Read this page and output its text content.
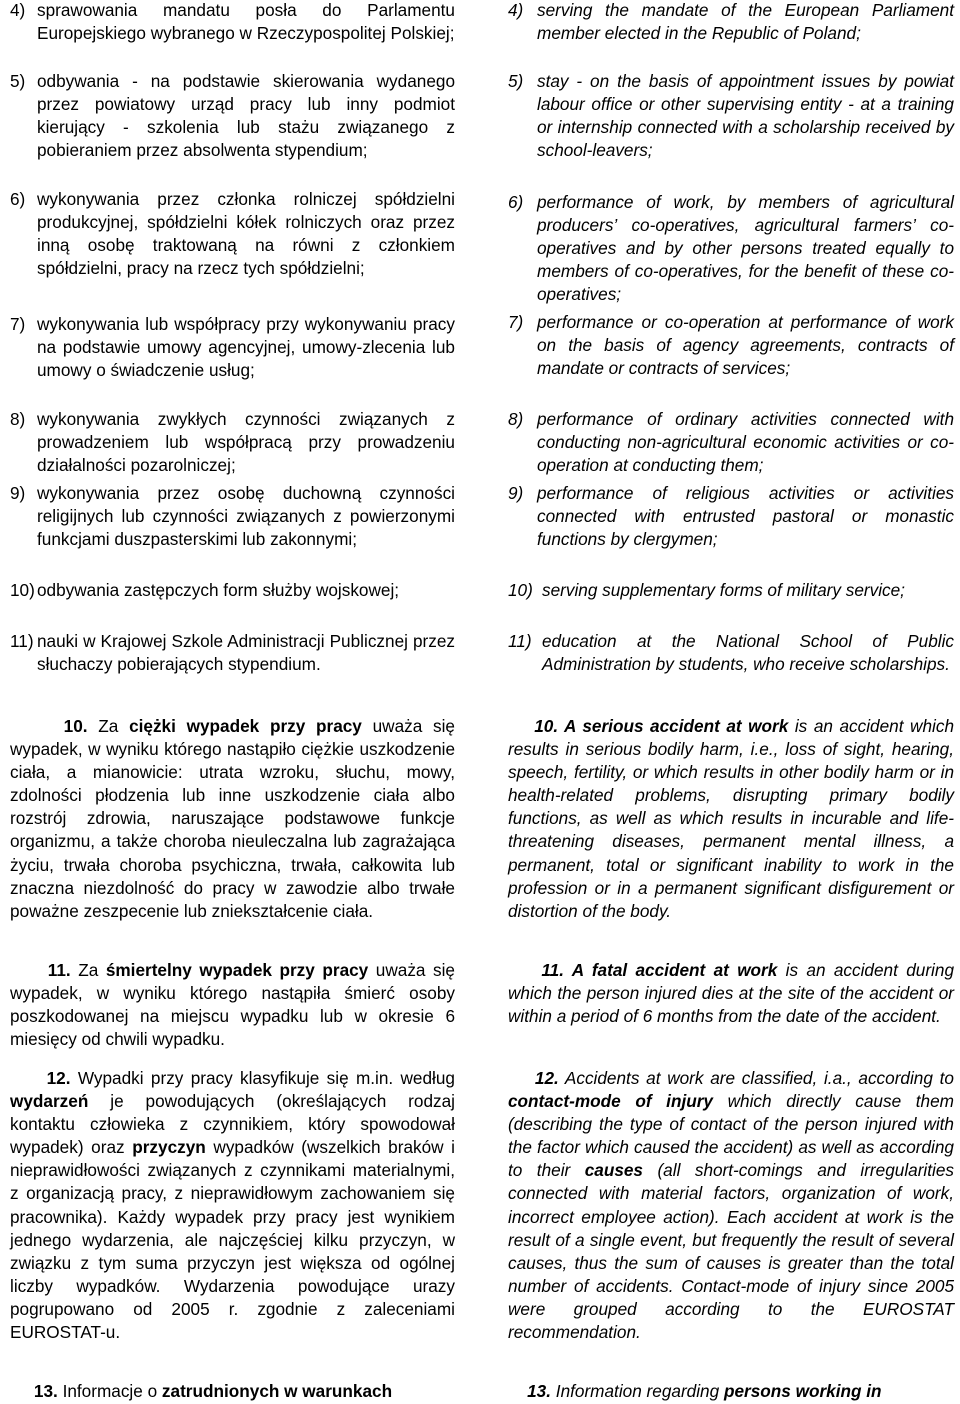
4) sprawowania mandatu posła do Parlamentu Europejskiego wybranego w Rzeczypospolitej Polskiej;

5) odbywania - na podstawie skierowania wydanego przez powiatowy urząd pracy lub inny podmiot kierujący - szkolenia lub stażu związanego z pobieraniem przez absolwenta stypendium;

6) wykonywania przez członka rolniczej spółdzielni produkcyjnej, spółdzielni kółek rolniczych oraz przez inną osobę traktowaną na równi z członkiem spółdzielni, pracy na rzecz tych spółdzielni;

7) wykonywania lub współpracy przy wykonywaniu pracy na podstawie umowy agencyjnej, umowy-zlecenia lub umowy o świadczenie usług;

8) wykonywania zwykłych czynności związanych z prowadzeniem lub współpracą przy prowadzeniu działalności pozarolniczej;

9) wykonywania przez osobę duchowną czynności religijnych lub czynności związanych z powierzonymi funkcjami duszpasterskimi lub zakonnymi;

10) odbywania zastępczych form służby wojskowej;

11) nauki w Krajowej Szkole Administracji Publicznej przez słuchaczy pobierających stypendium.

10. Za ciężki wypadek przy pracy uważa się wypadek, w wyniku którego nastąpiło ciężkie uszkodzenie ciała, a mianowicie: utrata wzroku, słuchu, mowy, zdolności płodzenia lub inne uszkodzenie ciała albo rozstrój zdrowia, naruszające podstawowe funkcje organizmu, a także choroba nieuleczalna lub zagrażająca życiu, trwała choroba psychiczna, trwała, całkowita lub znaczna niezdolność do pracy w zawodzie albo trwałe poważne zeszpecenie lub zniekształcenie ciała.

11. Za śmiertelny wypadek przy pracy uważa się wypadek, w wyniku którego nastąpiła śmierć osoby poszkodowanej na miejscu wypadku lub w okresie 6 miesięcy od chwili wypadku.

12. Wypadki przy pracy klasyfikuje się m.in. według wydarzeń je powodujących (określających rodzaj kontaktu człowieka z czynnikiem, który spowodował wypadek) oraz przyczyn wypadków (wszelkich braków i nieprawidłowości związanych z czynnikami materialnymi, z organizacją pracy, z nieprawidłowym zachowaniem się pracownika). Każdy wypadek przy pracy jest wynikiem jednego wydarzenia, ale najczęściej kilku przyczyn, w związku z tym suma przyczyn jest większa od ogólnej liczby wypadków. Wydarzenia powodujące urazy pogrupowano od 2005 r. zgodnie z zaleceniami EUROSTAT-u.

13. Informacje o zatrudnionych w warunkach

4) serving the mandate of the European Parliament member elected in the Republic of Poland;

5) stay - on the basis of appointment issues by powiat labour office or other supervising entity - at a training or internship connected with a scholarship received by school-leavers;

6) performance of work, by members of agricultural producers’ co-operatives, agricultural farmers’ co-operatives and by other persons treated equally to members of co-operatives, for the benefit of these co-operatives;

7) performance or co-operation at performance of work on the basis of agency agreements, contracts of mandate or contracts of services;

8) performance of ordinary activities connected with conducting non-agricultural economic activities or co-operation at conducting them;

9) performance of religious activities or activities connected with entrusted pastoral or monastic functions by clergymen;

10) serving supplementary forms of military service;

11) education at the National School of Public Administration by students, who receive scholarships.

10. A serious accident at work is an accident which results in serious bodily harm, i.e., loss of sight, hearing, speech, fertility, or which results in other bodily harm or in health-related problems, disrupting primary bodily functions, as well as which results in incurable and life-threatening diseases, permanent mental illness, a permanent, total or significant inability to work in the profession or in a permanent significant disfigurement or distortion of the body.

11. A fatal accident at work is an accident during which the person injured dies at the site of the accident or within a period of 6 months from the date of the accident.

12. Accidents at work are classified, i.a., according to contact-mode of injury which directly cause them (describing the type of contact of the person injured with the factor which caused the accident) as well as according to their causes (all short-comings and irregularities connected with material factors, organization of work, incorrect employee action). Each accident at work is the result of a single event, but frequently the result of several causes, thus the sum of causes is greater than the total number of accidents. Contact-mode of injury since 2005 were grouped according to the EUROSTAT recommendation.

13. Information regarding persons working in
